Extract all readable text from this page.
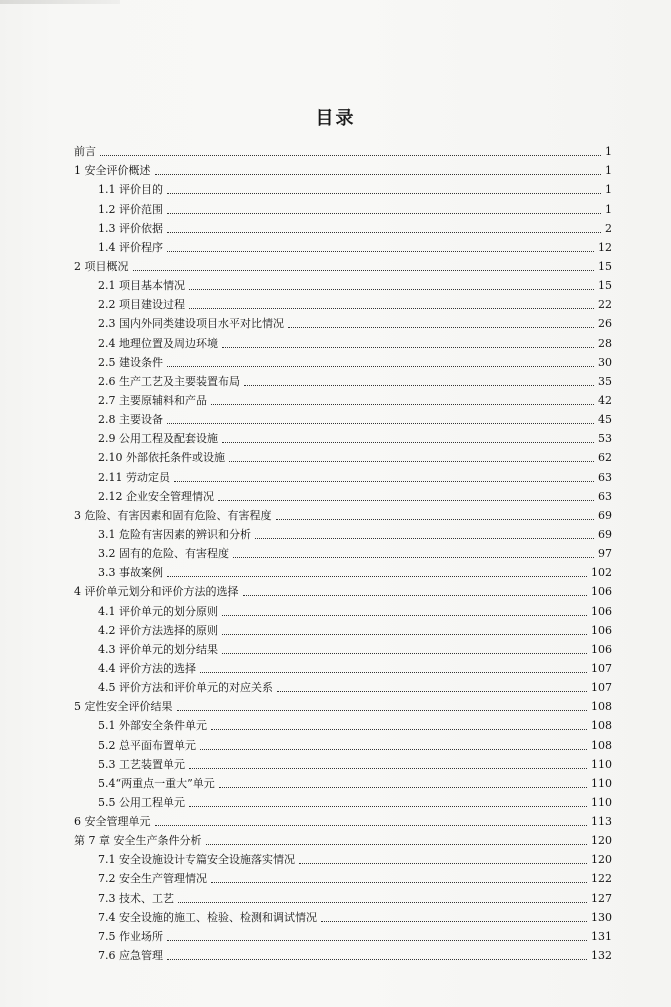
目录
前言	1
1 安全评价概述	1
1.1 评价目的	1
1.2 评价范围	1
1.3 评价依据	2
1.4 评价程序	12
2 项目概况	15
2.1 项目基本情况	15
2.2 项目建设过程	22
2.3 国内外同类建设项目水平对比情况	26
2.4 地理位置及周边环境	28
2.5 建设条件	30
2.6 生产工艺及主要装置布局	35
2.7 主要原辅料和产品	42
2.8 主要设备	45
2.9 公用工程及配套设施	53
2.10 外部依托条件或设施	62
2.11 劳动定员	63
2.12 企业安全管理情况	63
3 危险、有害因素和固有危险、有害程度	69
3.1 危险有害因素的辨识和分析	69
3.2 固有的危险、有害程度	97
3.3 事故案例	102
4 评价单元划分和评价方法的选择	106
4.1 评价单元的划分原则	106
4.2 评价方法选择的原则	106
4.3 评价单元的划分结果	106
4.4 评价方法的选择	107
4.5 评价方法和评价单元的对应关系	107
5 定性安全评价结果	108
5.1 外部安全条件单元	108
5.2 总平面布置单元	108
5.3 工艺装置单元	110
5.4“两重点一重大”单元	110
5.5 公用工程单元	110
6 安全管理单元	113
第 7 章 安全生产条件分析	120
7.1 安全设施设计专篇安全设施落实情况	120
7.2 安全生产管理情况	122
7.3 技术、工艺	127
7.4 安全设施的施工、检验、检测和调试情况	130
7.5 作业场所	131
7.6 应急管理	132
